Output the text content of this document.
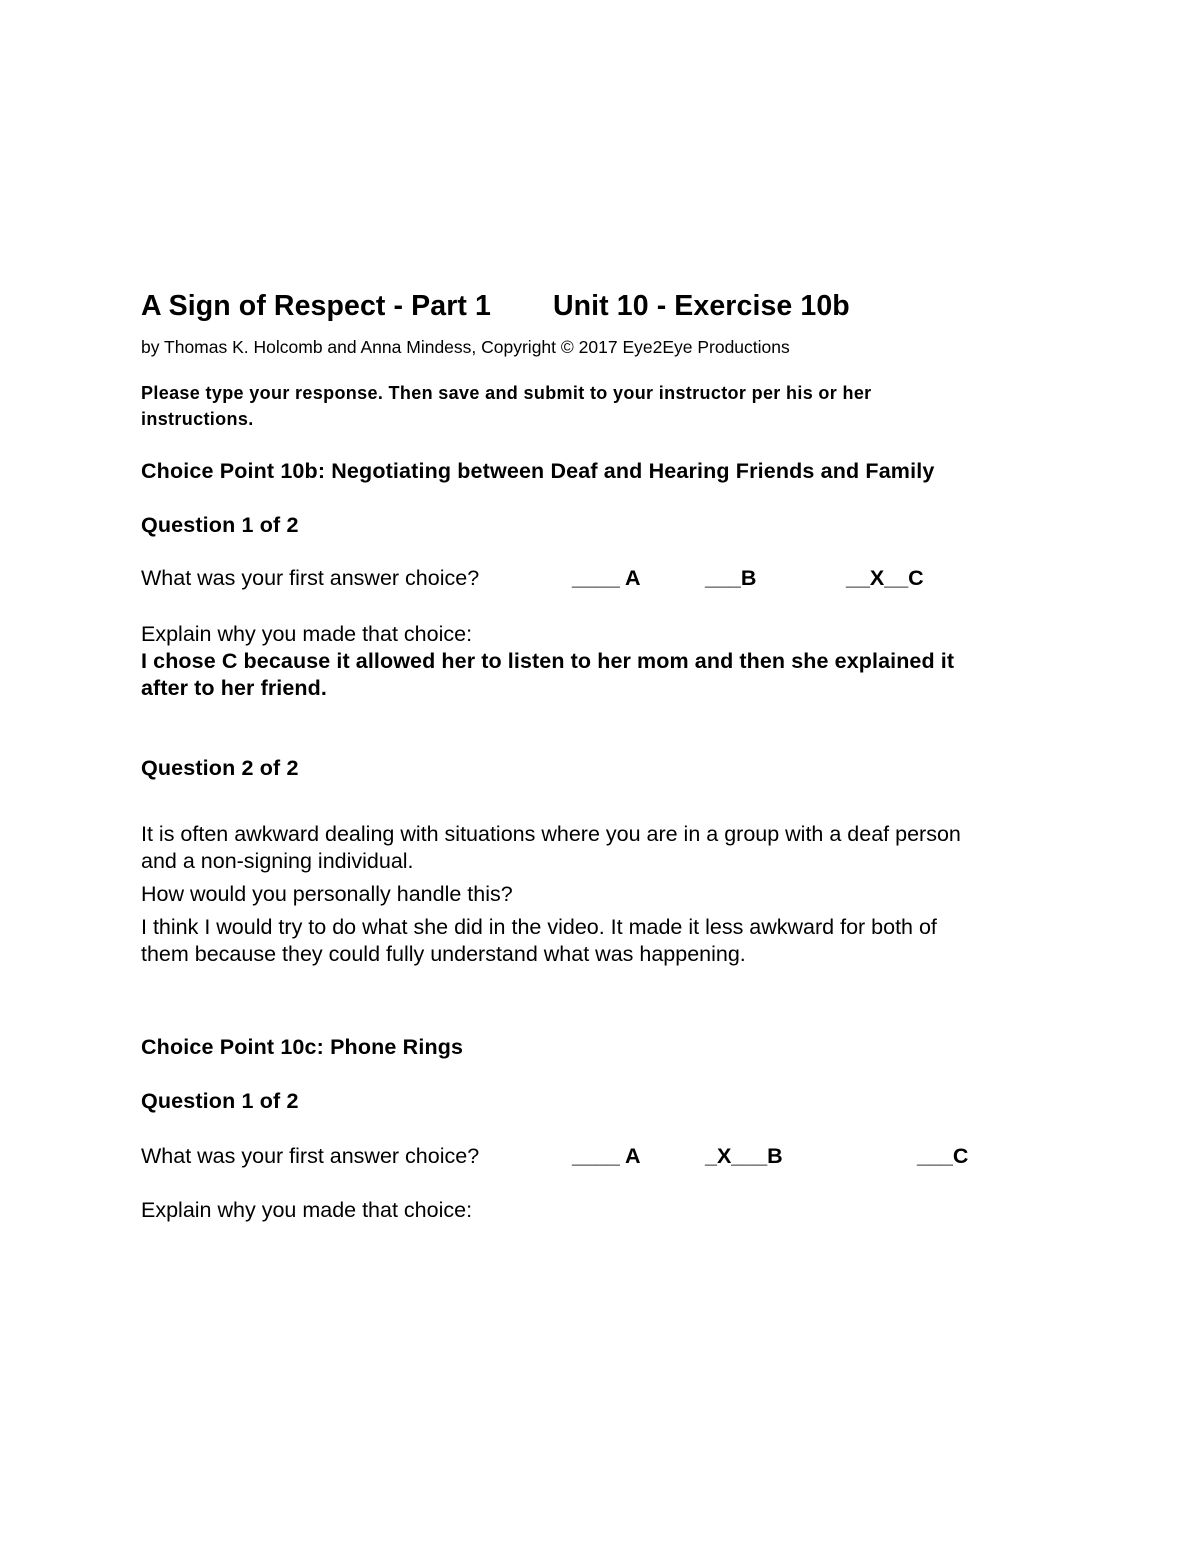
A Sign of Respect - Part 1 Unit 10 - Exercise 10b
by Thomas K. Holcomb and Anna Mindess, Copyright © 2017 Eye2Eye Productions
Please type your response. Then save and submit to your instructor per his or her
instructions.
Choice Point 10b: Negotiating between Deaf and Hearing Friends and Family
Question 1 of 2
What was your first answer choice?	____ A	___B	__X__C
Explain why you made that choice:
I chose C because it allowed her to listen to her mom and then she explained it
after to her friend.
Question 2 of 2
It is often awkward dealing with situations where you are in a group with a deaf person
and a non-signing individual.
How would you personally handle this?
I think I would try to do what she did in the video. It made it less awkward for both of
them because they could fully understand what was happening.
Choice Point 10c: Phone Rings
Question 1 of 2
What was your first answer choice?	____ A	_X___B	___C
Explain why you made that choice:
